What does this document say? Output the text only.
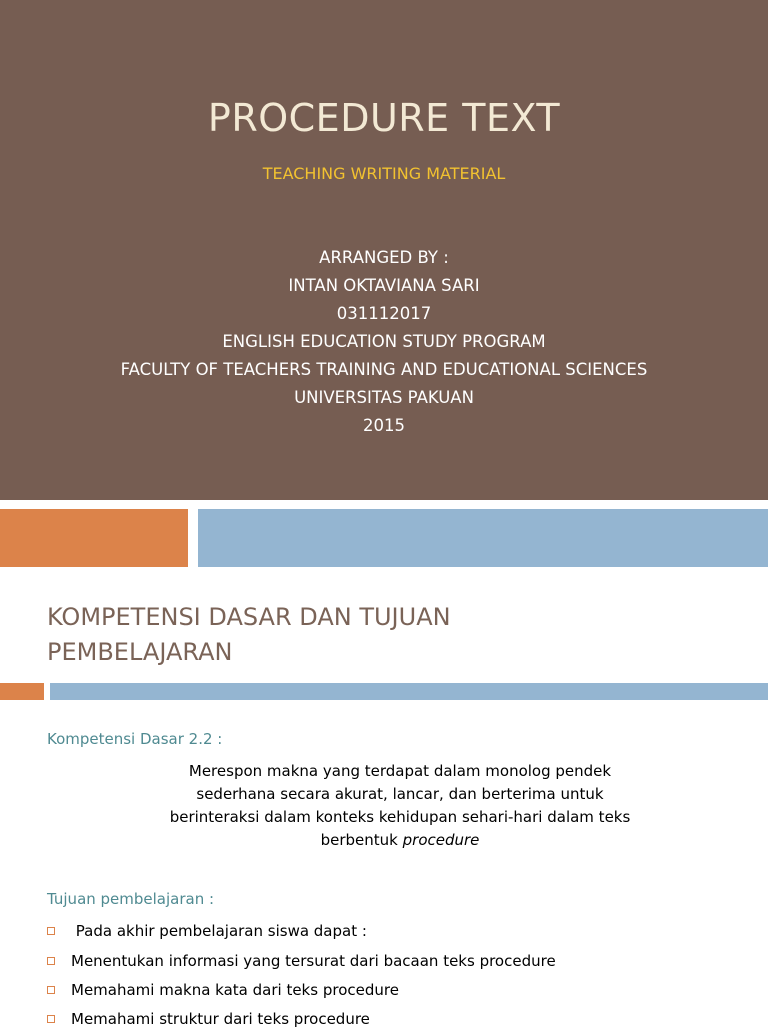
PROCEDURE TEXT
TEACHING WRITING MATERIAL
ARRANGED BY :
INTAN OKTAVIANA SARI
031112017
ENGLISH EDUCATION STUDY PROGRAM
FACULTY OF TEACHERS TRAINING AND EDUCATIONAL SCIENCES
UNIVERSITAS PAKUAN
2015
KOMPETENSI DASAR DAN TUJUAN
PEMBELAJARAN
Kompetensi Dasar 2.2 :
Merespon makna yang terdapat dalam monolog pendek
sederhana secara akurat, lancar, dan berterima untuk
berinteraksi dalam konteks kehidupan sehari-hari dalam teks
berbentuk procedure
Tujuan pembelajaran :
Pada akhir pembelajaran siswa dapat :
Menentukan informasi yang tersurat dari bacaan teks procedure
Memahami makna kata dari teks procedure
Memahami struktur dari teks procedure
